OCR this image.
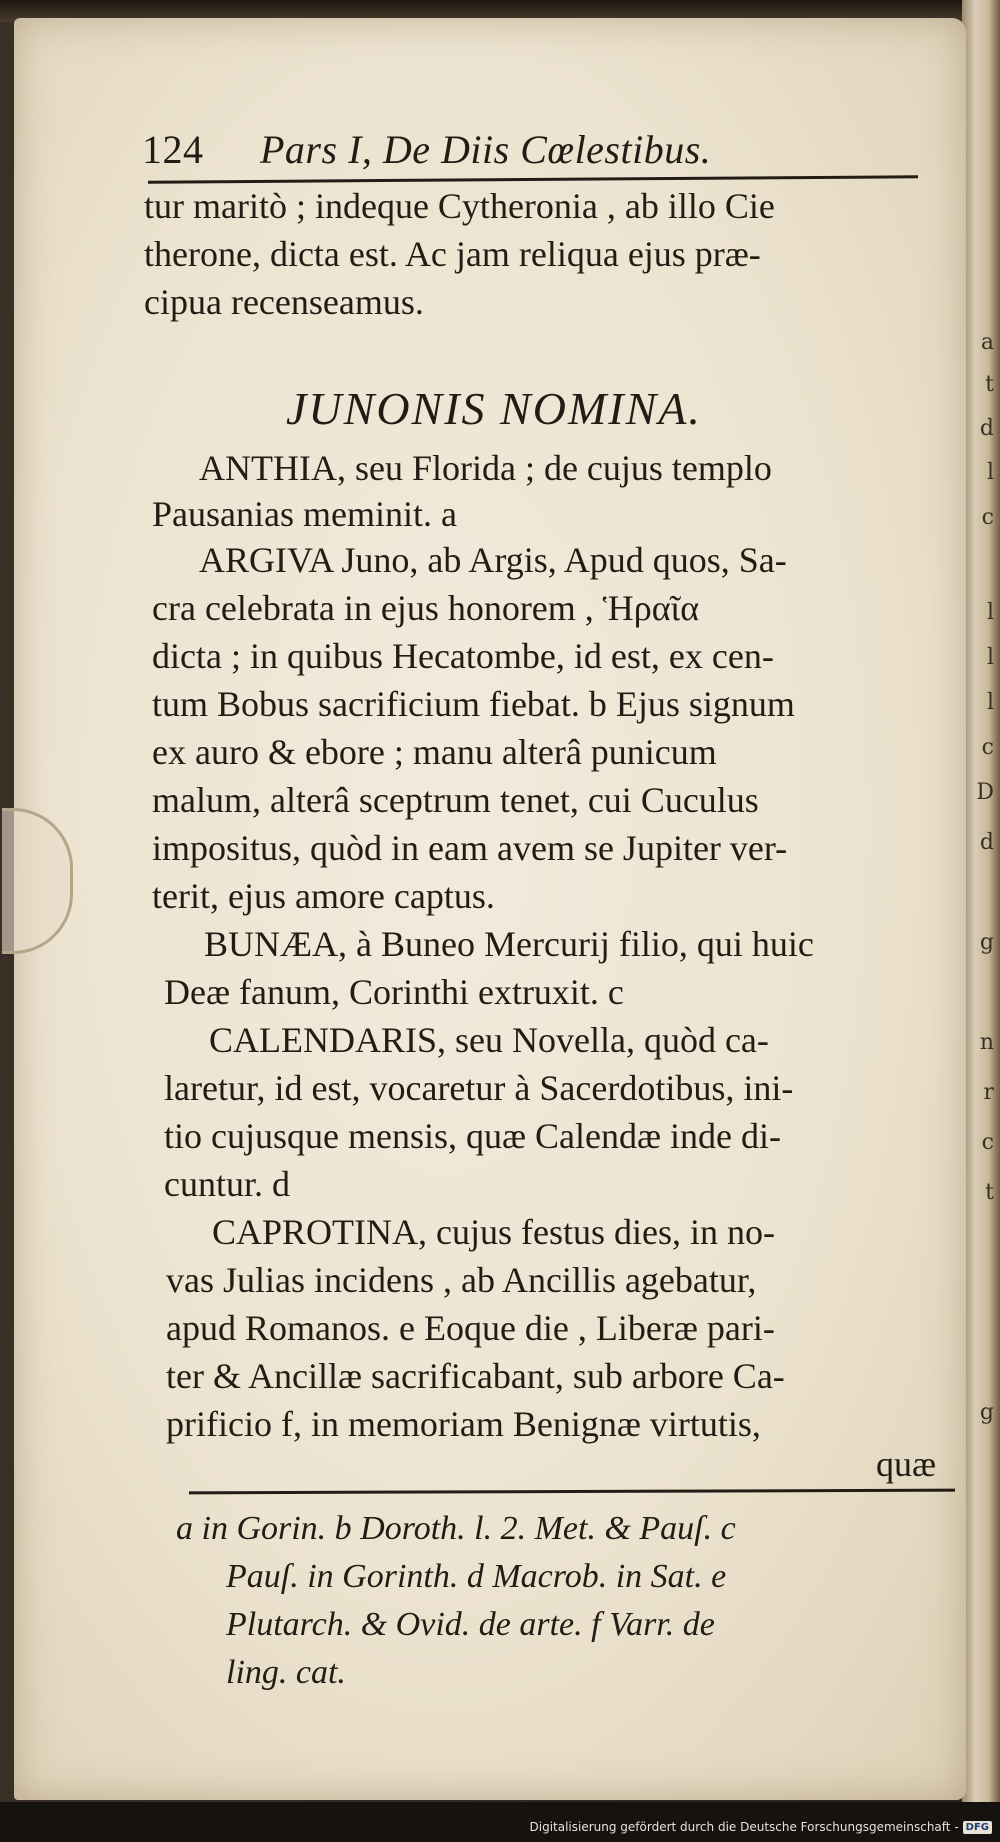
a
t
d
l
c
l
l
l
c
D
d
g
n
r
c
t
g
124 Pars I, De Diis Cœlestibus.
tur maritò ; indeque Cytheronia , ab illo Cie
therone, dicta est. Ac jam reliqua ejus præ-
cipua recenseamus.
JUNONIS NOMINA.
ANTHIA, seu Florida ; de cujus templo
Pausanias meminit. a
ARGIVA Juno, ab Argis, Apud quos, Sa-
cra celebrata in ejus honorem , Ἡραῖα
dicta ; in quibus Hecatombe, id est, ex cen-
tum Bobus sacrificium fiebat. b Ejus signum
ex auro & ebore ; manu alterâ punicum
malum, alterâ sceptrum tenet, cui Cuculus
impositus, quòd in eam avem se Jupiter ver-
terit, ejus amore captus.
BUNÆA, à Buneo Mercurij filio, qui huic
Deæ fanum, Corinthi extruxit. c
CALENDARIS, seu Novella, quòd ca-
laretur, id est, vocaretur à Sacerdotibus, ini-
tio cujusque mensis, quæ Calendæ inde di-
cuntur. d
CAPROTINA, cujus festus dies, in no-
vas Julias incidens , ab Ancillis agebatur,
apud Romanos. e Eoque die , Liberæ pari-
ter & Ancillæ sacrificabant, sub arbore Ca-
prificio f, in memoriam Benignæ virtutis,
quæ
a in Gorin. b Doroth. l. 2. Met. & Pauſ. c
Pauſ. in Gorinth. d Macrob. in Sat. e
Plutarch. & Ovid. de arte. f Varr. de
ling. cat.
Digitalisierung gefördert durch die Deutsche Forschungsgemeinschaft - DFG
